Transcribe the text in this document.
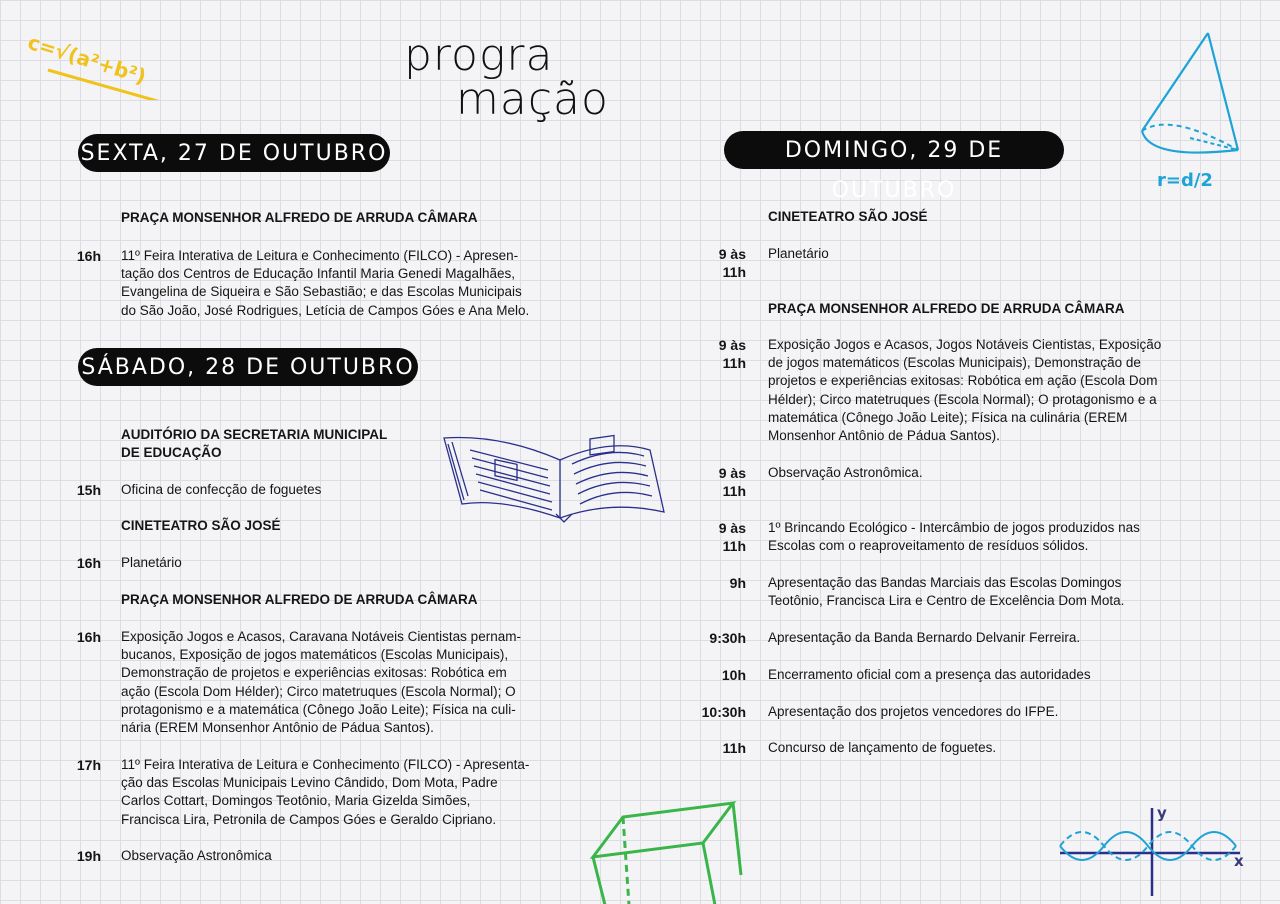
c=√(a²+b²)	progra
mação
r=d/2
y
x
SEXTA, 27 DE OUTUBRO
SÁBADO, 28 DE OUTUBRO
DOMINGO, 29 DE OUTUBRO
PRAÇA MONSENHOR ALFREDO DE ARRUDA CÂMARA
16h 11º Feira Interativa de Leitura e Conhecimento (FILCO) - Apresen-
tação dos Centros de Educação Infantil Maria Genedi Magalhães,
Evangelina de Siqueira e São Sebastião; e das Escolas Municipais
do São João, José Rodrigues, Letícia de Campos Góes e Ana Melo.
AUDITÓRIO DA SECRETARIA MUNICIPAL
DE EDUCAÇÃO
15h Oficina de confecção de foguetes
CINETEATRO SÃO JOSÉ
16h Planetário
PRAÇA MONSENHOR ALFREDO DE ARRUDA CÂMARA
16h Exposição Jogos e Acasos, Caravana Notáveis Cientistas pernam-
bucanos, Exposição de jogos matemáticos (Escolas Municipais),
Demonstração de projetos e experiências exitosas: Robótica em
ação (Escola Dom Hélder); Circo matetruques (Escola Normal); O
protagonismo e a matemática (Cônego João Leite); Física na culi-
nária (EREM Monsenhor Antônio de Pádua Santos).
17h 11º Feira Interativa de Leitura e Conhecimento (FILCO) - Apresenta-
ção das Escolas Municipais Levino Cândido, Dom Mota, Padre
Carlos Cottart, Domingos Teotônio, Maria Gizelda Simões,
Francisca Lira, Petronila de Campos Góes e Geraldo Cipriano.
19h Observação Astronômica
CINETEATRO SÃO JOSÉ
9 às
11h
Planetário
PRAÇA MONSENHOR ALFREDO DE ARRUDA CÂMARA
9 às
11h
Exposição Jogos e Acasos, Jogos Notáveis Cientistas, Exposição
de jogos matemáticos (Escolas Municipais), Demonstração de
projetos e experiências exitosas: Robótica em ação (Escola Dom
Hélder); Circo matetruques (Escola Normal); O protagonismo e a
matemática (Cônego João Leite); Física na culinária (EREM
Monsenhor Antônio de Pádua Santos).
9 às
11h
Observação Astronômica.
9 às
11h
1º Brincando Ecológico - Intercâmbio de jogos produzidos nas
Escolas com o reaproveitamento de resíduos sólidos.
9h Apresentação das Bandas Marciais das Escolas Domingos
Teotônio, Francisca Lira e Centro de Excelência Dom Mota.
9:30h Apresentação da Banda Bernardo Delvanir Ferreira.
10h Encerramento oficial com a presença das autoridades
10:30h Apresentação dos projetos vencedores do IFPE.
11h Concurso de lançamento de foguetes.
